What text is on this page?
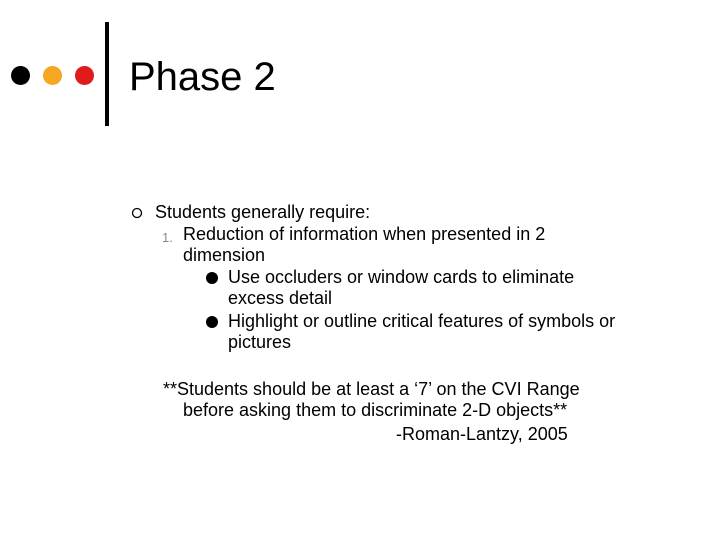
Phase 2
Students generally require:
1. Reduction of information when presented in 2
dimension
Use occluders or window cards to eliminate
excess detail
Highlight or outline critical features of symbols or
pictures
**Students should be at least a ‘7’ on the CVI Range
before asking them to discriminate 2-D objects**
-Roman-Lantzy, 2005
